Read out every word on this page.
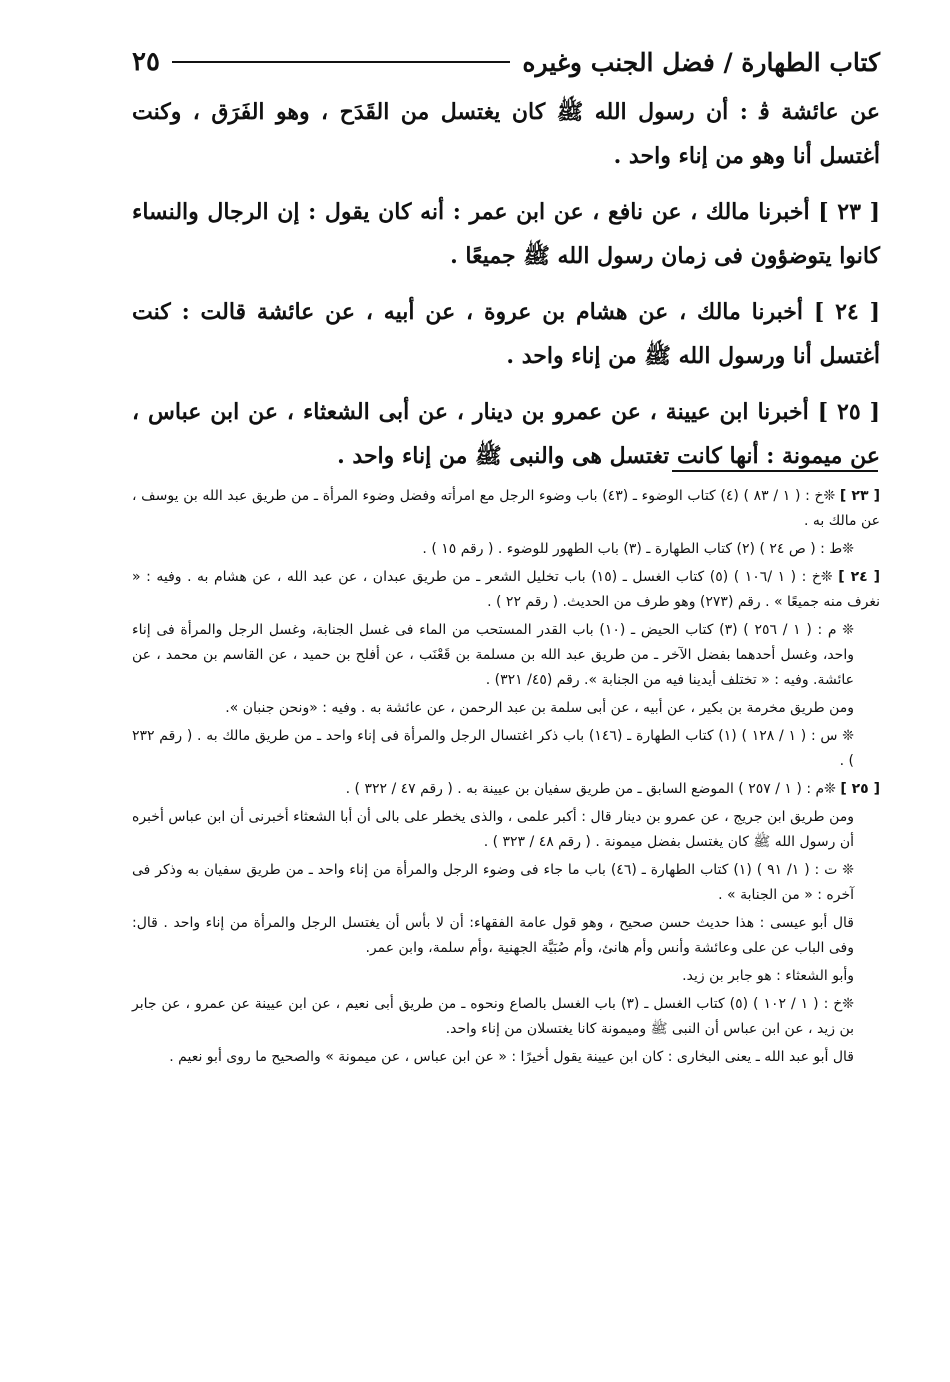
كتاب الطهارة / فضل الجنب وغيره
٢٥

عن عائشة ﭬ : أن رسول الله ﷺ كان يغتسل من القَدَح ، وهو الفَرَق ، وكنت أغتسل أنا وهو من إناء واحد .

[ ٢٣ ] أخبرنا مالك ، عن نافع ، عن ابن عمر : أنه كان يقول : إن الرجال والنساء كانوا يتوضؤون فى زمان رسول الله ﷺ جميعًا .

[ ٢٤ ] أخبرنا مالك ، عن هشام بن عروة ، عن أبيه ، عن عائشة قالت : كنت أغتسل أنا ورسول الله ﷺ من إناء واحد .

[ ٢٥ ] أخبرنا ابن عيينة ، عن عمرو بن دينار ، عن أبى الشعثاء ، عن ابن عباس ، عن ميمونة : أنها كانت تغتسل هى والنبى ﷺ من إناء واحد .

[ ٢٣ ] ❊خ : ( ١ / ٨٣ ) (٤) كتاب الوضوء ـ (٤٣) باب وضوء الرجل مع امرأته وفضل وضوء المرأة ـ من طريق عبد الله بن يوسف ، عن مالك به .

❊ط : ( ص ٢٤ ) (٢) كتاب الطهارة ـ (٣) باب الطهور للوضوء . ( رقم ١٥ ) .

[ ٢٤ ] ❊خ : ( ١ /١٠٦ ) (٥) كتاب الغسل ـ (١٥) باب تخليل الشعر ـ من طريق عبدان ، عن عبد الله ، عن هشام به . وفيه : « نغرف منه جميعًا » . رقم (٢٧٣) وهو طرف من الحديث. ( رقم ٢٢ ) .

❊ م : ( ١ / ٢٥٦ ) (٣) كتاب الحيض ـ (١٠) باب القدر المستحب من الماء فى غسل الجنابة، وغسل الرجل والمرأة فى إناء واحد، وغسل أحدهما بفضل الآخر ـ من طريق عبد الله بن مسلمة بن قَعْنَب ، عن أفلح بن حميد ، عن القاسم بن محمد ، عن عائشة. وفيه : « تختلف أيدينا فيه من الجنابة ». رقم (٤٥/ ٣٢١) .

ومن طريق مخرمة بن بكير ، عن أبيه ، عن أبى سلمة بن عبد الرحمن ، عن عائشة به . وفيه : «ونحن جنبان ».

❊ س : ( ١ / ١٢٨ ) (١) كتاب الطهارة ـ (١٤٦) باب ذكر اغتسال الرجل والمرأة فى إناء واحد ـ من طريق مالك به . ( رقم ٢٣٢ ) .

[ ٢٥ ] ❊م : ( ١ / ٢٥٧ ) الموضع السابق ـ من طريق سفيان بن عيينة به . ( رقم ٤٧ / ٣٢٢ ) .

ومن طريق ابن جريج ، عن عمرو بن دينار قال : أكبر علمى ، والذى يخطر على بالى أن أبا الشعثاء أخبرنى أن ابن عباس أخبره أن رسول الله ﷺ كان يغتسل بفضل ميمونة . ( رقم ٤٨ / ٣٢٣ ) .

❊ ت : ( ١/ ٩١ ) (١) كتاب الطهارة ـ (٤٦) باب ما جاء فى وضوء الرجل والمرأة من إناء واحد ـ من طريق سفيان به وذكر فى آخره : « من الجنابة » .

قال أبو عيسى : هذا حديث حسن صحيح ، وهو قول عامة الفقهاء: أن لا بأس أن يغتسل الرجل والمرأة من إناء واحد . قال: وفى الباب عن على وعائشة وأنس وأم هانئ، وأم صُبَيَّة الجهنية ،وأم سلمة، وابن عمر.

وأبو الشعثاء : هو جابر بن زيد.

❊خ : ( ١ / ١٠٢ ) (٥) كتاب الغسل ـ (٣) باب الغسل بالصاع ونحوه ـ من طريق أبى نعيم ، عن ابن عيينة عن عمرو ، عن جابر بن زيد ، عن ابن عباس أن النبى ﷺ وميمونة كانا يغتسلان من إناء واحد.

قال أبو عبد الله ـ يعنى البخارى : كان ابن عيينة يقول أخيرًا : « عن ابن عباس ، عن ميمونة » والصحيح ما روى أبو نعيم .
